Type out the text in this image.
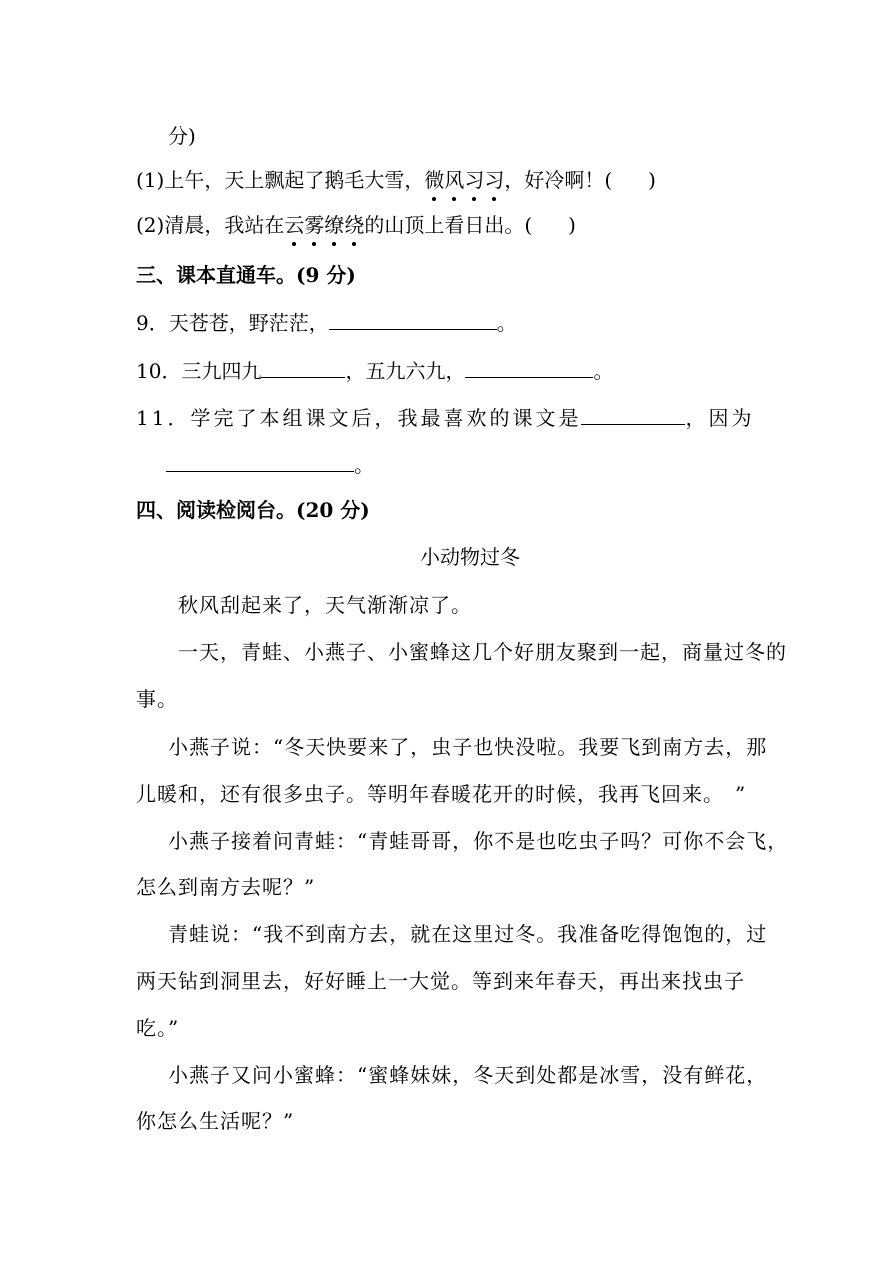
分)
(1)上午，天上飘起了鹅毛大雪，微风习习，好冷啊！( )
(2)清晨，我站在云雾缭绕的山顶上看日出。( )
三、课本直通车。(9 分)
9．天苍苍，野茫茫，	。
10．三九四九	，五九六九，	。
11．学完了本组课文后，我最喜欢的课文是	，因为
。
四、阅读检阅台。(20 分)
小动物过冬
秋风刮起来了，天气渐渐凉了。
一天，青蛙、小燕子、小蜜蜂这几个好朋友聚到一起，商量过冬的
事。
小燕子说：“冬天快要来了，虫子也快没啦。我要飞到南方去，那
儿暖和，还有很多虫子。等明年春暖花开的时候，我再飞回来。　”
小燕子接着问青蛙：“青蛙哥哥，你不是也吃虫子吗？可你不会飞，
怎么到南方去呢？”
青蛙说：“我不到南方去，就在这里过冬。我准备吃得饱饱的，过
两天钻到洞里去，好好睡上一大觉。等到来年春天，再出来找虫子
吃。”
小燕子又问小蜜蜂：“蜜蜂妹妹，冬天到处都是冰雪，没有鲜花，
你怎么生活呢？”
